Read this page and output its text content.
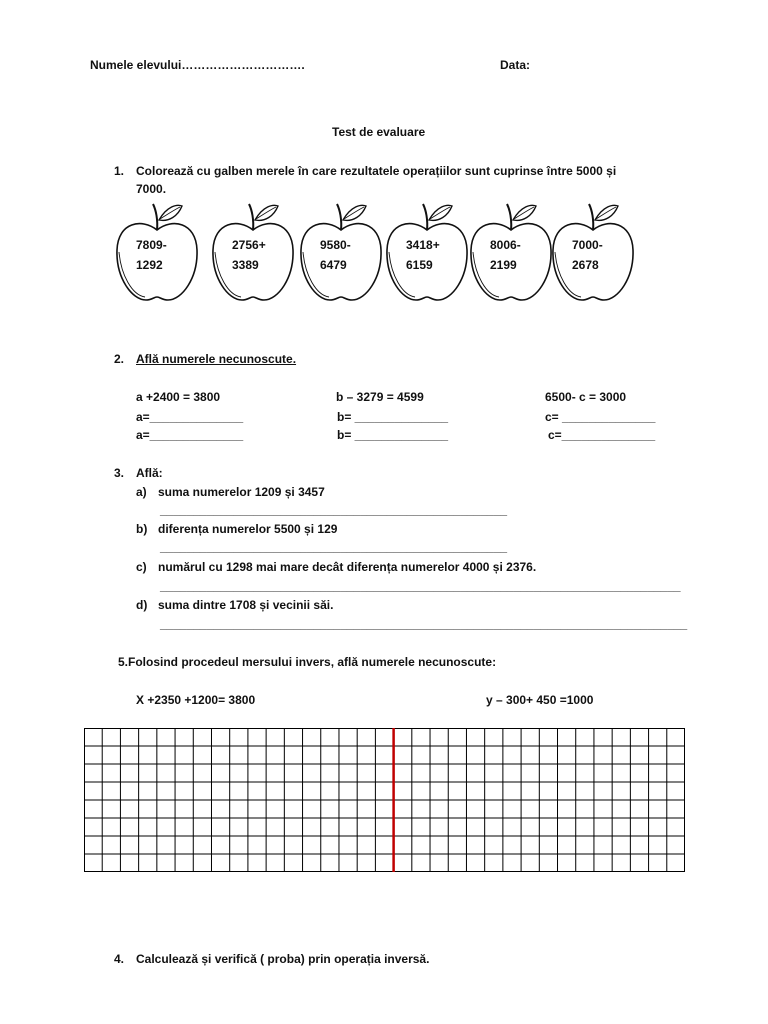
Numele elevului………………………….	Data:
Test de evaluare
1. Colorează cu galben merele în care rezultatele operațiilor sunt cuprinse între 5000 și
7000.
7809-
1292
2756+
3389
9580-
6479
3418+
6159
8006-
2199
7000-
2678
2. Află numerele necunoscute.
a +2400 = 3800
a=______________
a=______________
b – 3279 = 4599
b= ______________
b= ______________
6500- c = 3000
c= ______________
c=______________
3. Află:
a) suma numerelor 1209 și 3457
____________________________________________________
b) diferența numerelor 5500 și 129
____________________________________________________
c) numărul cu 1298 mai mare decât diferența numerelor 4000 și 2376.
______________________________________________________________________________
d) suma dintre 1708 și vecinii săi.
_______________________________________________________________________________
5.Folosind procedeul mersului invers, află numerele necunoscute:
X +2350 +1200= 3800	y – 300+ 450 =1000
4. Calculează și verifică ( proba) prin operația inversă.
